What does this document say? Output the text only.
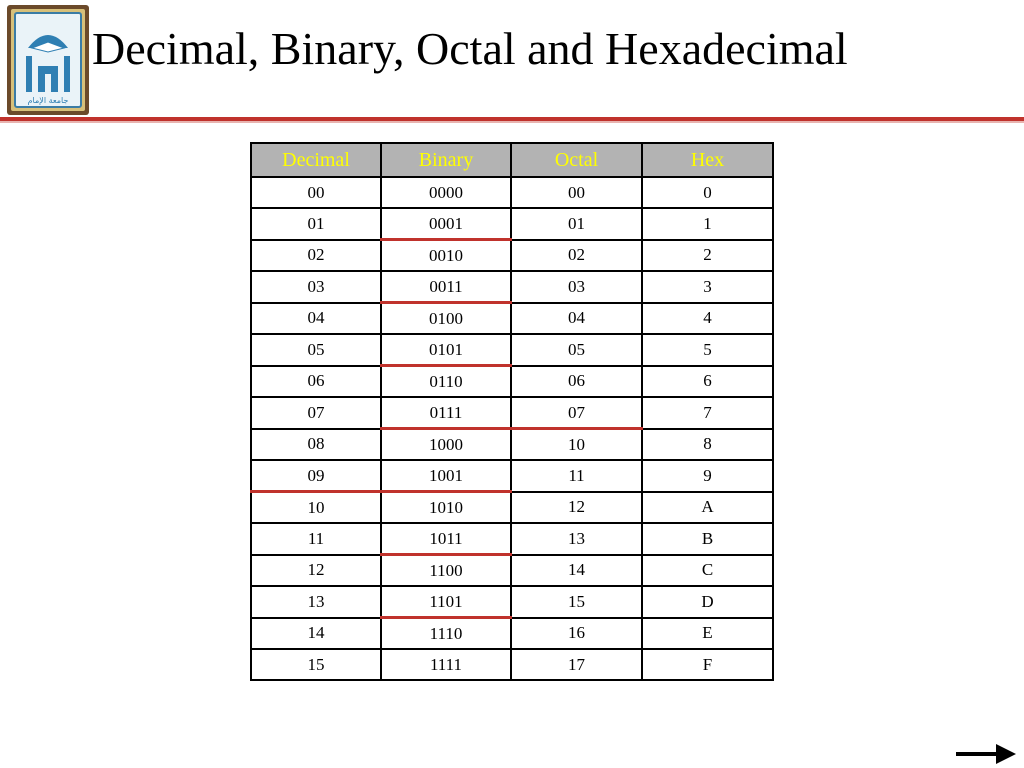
جامعة الإمام
Decimal, Binary, Octal and Hexadecimal
Decimal	Binary	Octal	Hex
00	0000	00	0
01	0001	01	1
02	0010	02	2
03	0011	03	3
04	0100	04	4
05	0101	05	5
06	0110	06	6
07	0111	07	7
08	1000	10	8
09	1001	11	9
10	1010	12	A
11	1011	13	B
12	1100	14	C
13	1101	15	D
14	1110	16	E
15	1111	17	F
